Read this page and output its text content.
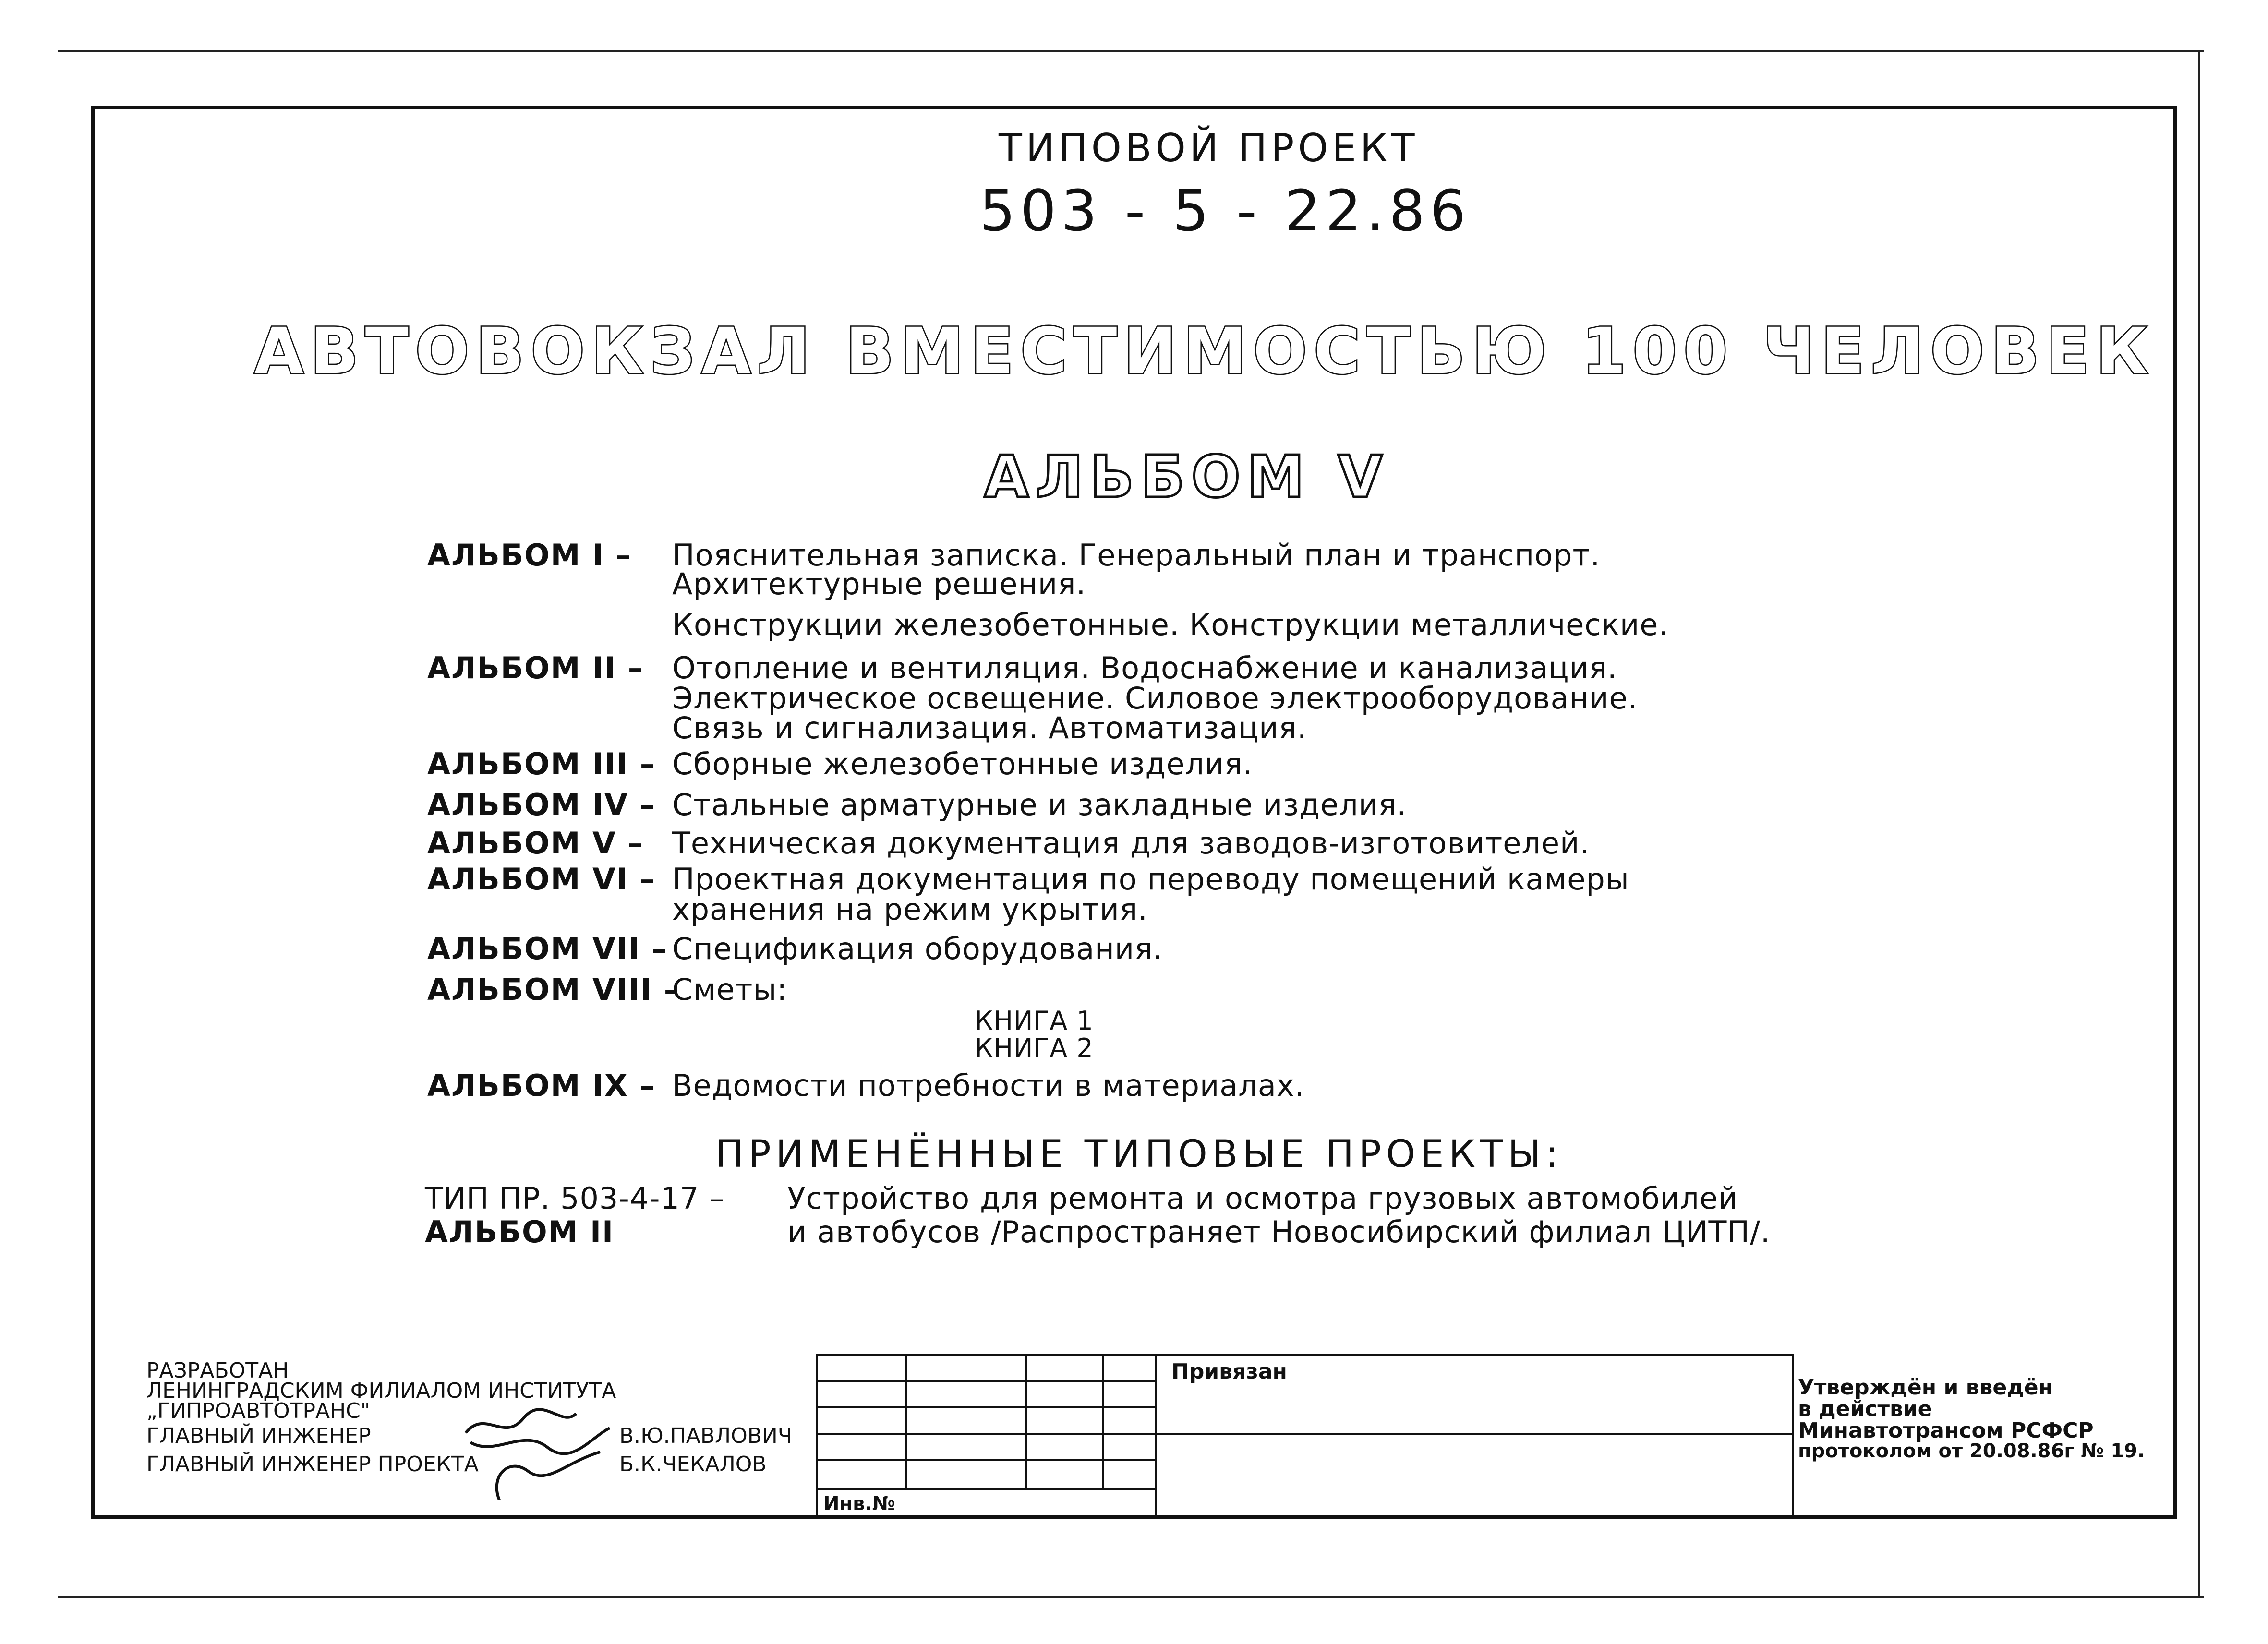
ТИПОВОЙ ПРОЕКТ
503 - 5 - 22.86
АВТОВОКЗАЛ ВМЕСТИМОСТЬЮ 100 ЧЕЛОВЕК
АЛЬБОМ V
АЛЬБОМ I – Пояснительная записка. Генеральный план и транспорт.
Архитектурные решения.
Конструкции железобетонные. Конструкции металлические.
АЛЬБОМ II – Отопление и вентиляция. Водоснабжение и канализация.
Электрическое освещение. Силовое электрооборудование.
Связь и сигнализация. Автоматизация.
АЛЬБОМ III – Сборные железобетонные изделия.
АЛЬБОМ IV – Стальные арматурные и закладные изделия.
АЛЬБОМ V – Техническая документация для заводов-изготовителей.
АЛЬБОМ VI – Проектная документация по переводу помещений камеры
хранения на режим укрытия.
АЛЬБОМ VII – Спецификация оборудования.
АЛЬБОМ VIII –
Сметы:
КНИГА 1
КНИГА 2
АЛЬБОМ IX – Ведомости потребности в материалах.
ПРИМЕНЁННЫЕ ТИПОВЫЕ ПРОЕКТЫ:
ТИП ПР. 503-4-17 – Устройство для ремонта и осмотра грузовых автомобилей
АЛЬБОМ II	и автобусов /Распространяет Новосибирский филиал ЦИТП/.
РАЗРАБОТАН
ЛЕНИНГРАДСКИМ ФИЛИАЛОМ ИНСТИТУТА
„ГИПРОАВТОТРАНС"
ГЛАВНЫЙ ИНЖЕНЕР	В.Ю.ПАВЛОВИЧ
ГЛАВНЫЙ ИНЖЕНЕР ПРОЕКТА	Б.К.ЧЕКАЛОВ
Инв.№
Привязан
Утверждён и введён
в действие
Минавтотрансом РСФСР
протоколом от 20.08.86г № 19.
